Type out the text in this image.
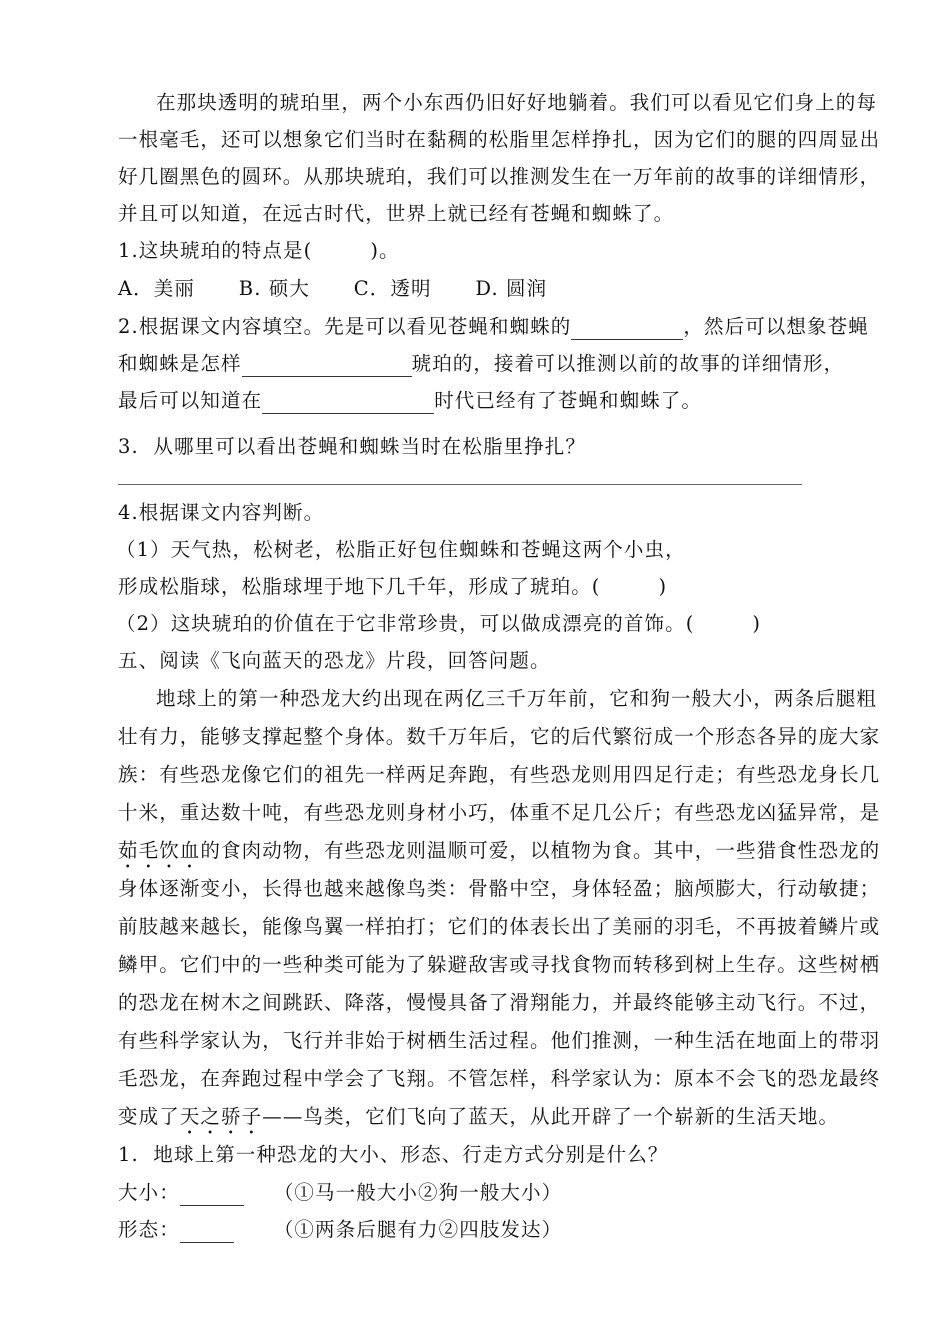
在那块透明的琥珀里，两个小东西仍旧好好地躺着。我们可以看见它们身上的每
一根毫毛，还可以想象它们当时在黏稠的松脂里怎样挣扎，因为它们的腿的四周显出
好几圈黑色的圆环。从那块琥珀，我们可以推测发生在一万年前的故事的详细情形，
并且可以知道，在远古时代，世界上就已经有苍蝇和蜘蛛了。
1.这块琥珀的特点是(	)。
A．美丽      B. 硕大      C．透明      D. 圆润
2.根据课文内容填空。先是可以看见苍蝇和蜘蛛的	，然后可以想象苍蝇
和蜘蛛是怎样	琥珀的，接着可以推测以前的故事的详细情形，
最后可以知道在	时代已经有了苍蝇和蜘蛛了。
3.  从哪里可以看出苍蝇和蜘蛛当时在松脂里挣扎？
4.根据课文内容判断。
（1）天气热，松树老，松脂正好包住蜘蛛和苍蝇这两个小虫，
形成松脂球，松脂球埋于地下几千年，形成了琥珀。(	)
（2）这块琥珀的价值在于它非常珍贵，可以做成漂亮的首饰。(	)
五、阅读《飞向蓝天的恐龙》片段，回答问题。
地球上的第一种恐龙大约出现在两亿三千万年前，它和狗一般大小，两条后腿粗
壮有力，能够支撑起整个身体。数千万年后，它的后代繁衍成一个形态各异的庞大家
族：有些恐龙像它们的祖先一样两足奔跑，有些恐龙则用四足行走；有些恐龙身长几
十米，重达数十吨，有些恐龙则身材小巧，体重不足几公斤；有些恐龙凶猛异常，是
茹毛饮血的食肉动物，有些恐龙则温顺可爱，以植物为食。其中，一些猎食性恐龙的
身体逐渐变小，长得也越来越像鸟类：骨骼中空，身体轻盈；脑颅膨大，行动敏捷；
前肢越来越长，能像鸟翼一样拍打；它们的体表长出了美丽的羽毛，不再披着鳞片或
鳞甲。它们中的一些种类可能为了躲避敌害或寻找食物而转移到树上生存。这些树栖
的恐龙在树木之间跳跃、降落，慢慢具备了滑翔能力，并最终能够主动飞行。不过，
有些科学家认为，飞行并非始于树栖生活过程。他们推测，一种生活在地面上的带羽
毛恐龙，在奔跑过程中学会了飞翔。不管怎样，科学家认为：原本不会飞的恐龙最终
变成了天之骄子——鸟类，它们飞向了蓝天，从此开辟了一个崭新的生活天地。
1.  地球上第一种恐龙的大小、形态、行走方式分别是什么？
大小：	（①马一般大小②狗一般大小）
形态：	（①两条后腿有力②四肢发达）
